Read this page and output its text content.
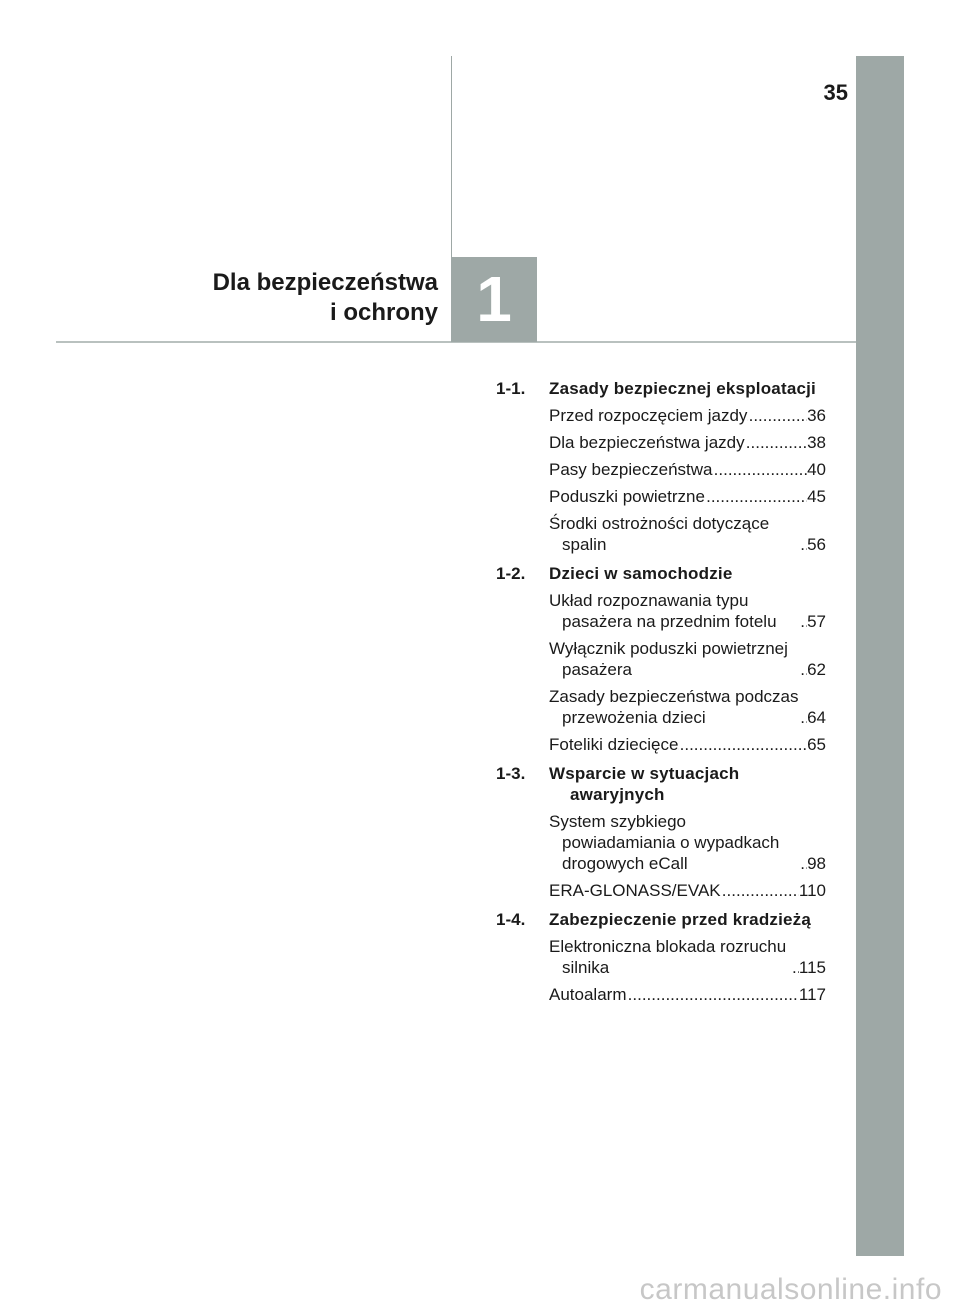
35
Dla bezpieczeństwa
i ochrony 1
1-1.	Zasady bezpiecznej eksploatacji
Przed rozpoczęciem jazdy .....	36
Dla bezpieczeństwa jazdy .....	38
Pasy bezpieczeństwa .....	40
Poduszki powietrzne .....	45
Środki ostrożności dotyczące spalin .....	56
1-2.	Dzieci w samochodzie
Układ rozpoznawania typu pasażera na przednim fotelu .....	57
Wyłącznik poduszki powietrznej pasażera .....	62
Zasady bezpieczeństwa podczas przewożenia dzieci .....	64
Foteliki dziecięce .....	65
1-3.	Wsparcie w sytuacjach awaryjnych
System szybkiego powiadamiania o wypadkach drogowych eCall .....	98
ERA-GLONASS/EVAK .....	110
1-4.	Zabezpieczenie przed kradzieżą
Elektroniczna blokada rozruchu silnika .....	115
Autoalarm .....	117
carmanualsonline.info
